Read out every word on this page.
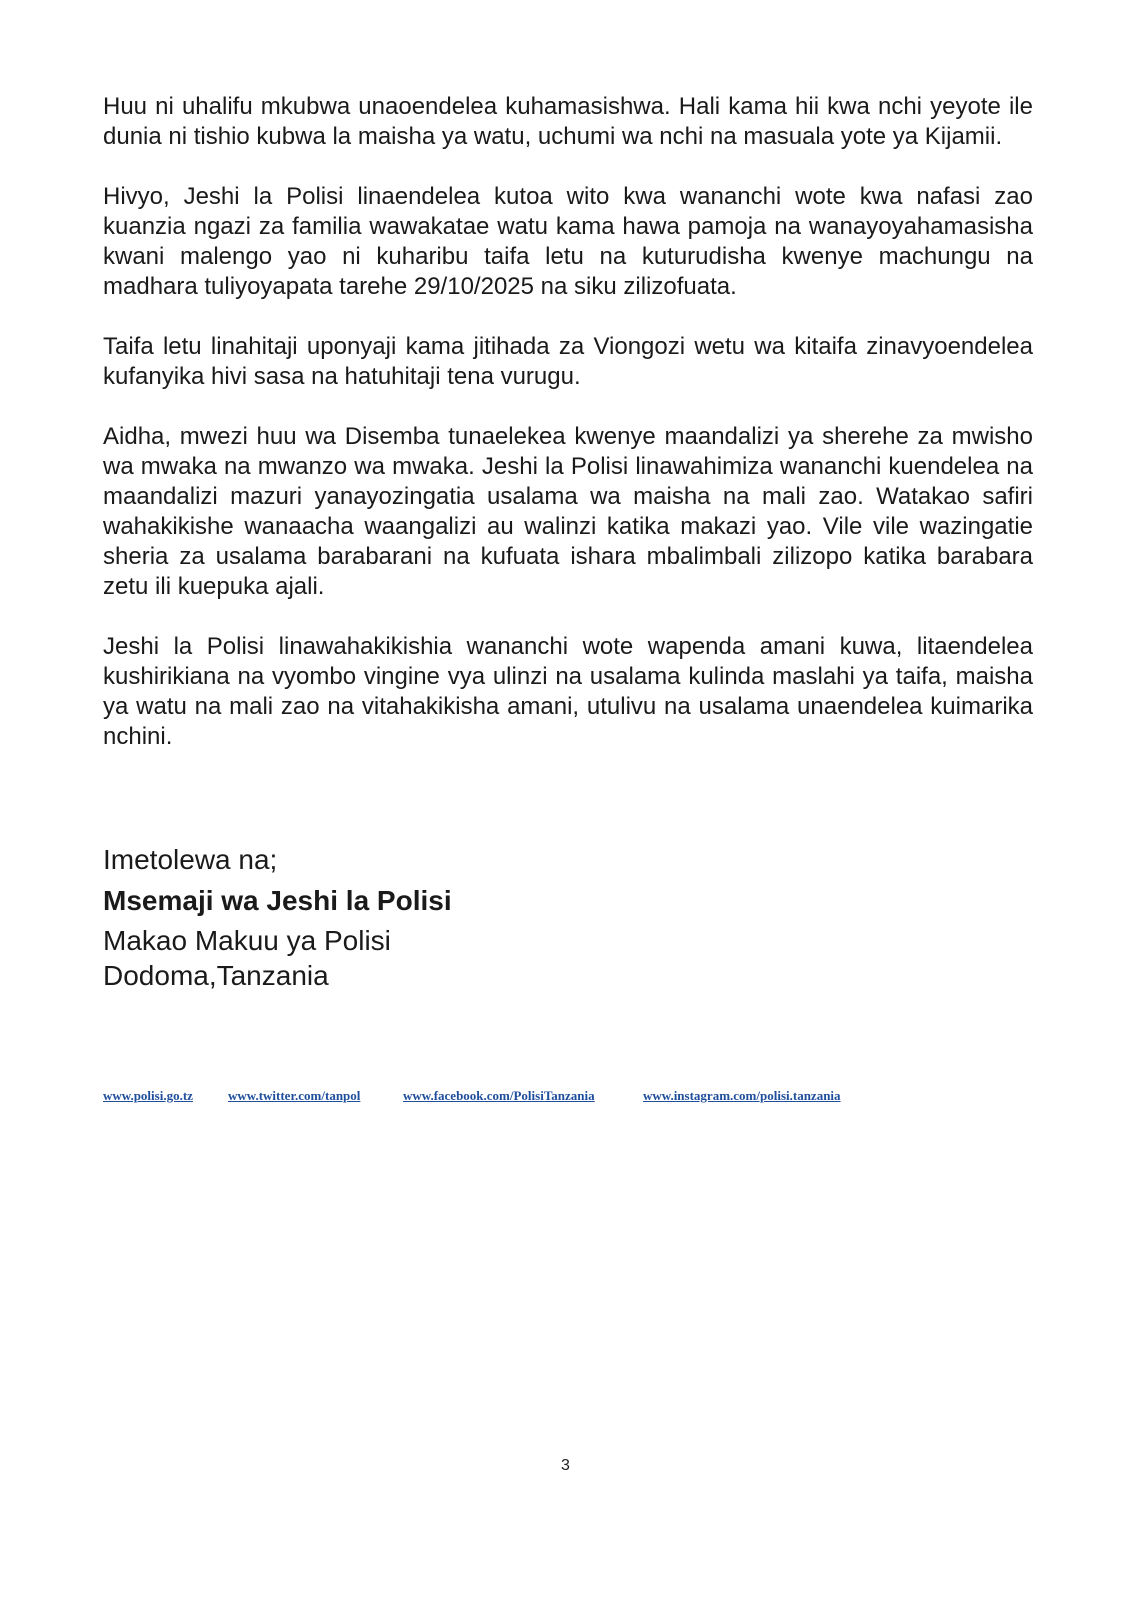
Huu ni uhalifu mkubwa unaoendelea kuhamasishwa. Hali kama hii kwa nchi yeyote ile dunia ni tishio kubwa la maisha ya watu, uchumi wa nchi na masuala yote ya Kijamii.

Hivyo, Jeshi la Polisi linaendelea kutoa wito kwa wananchi wote kwa nafasi zao kuanzia ngazi za familia wawakatae watu kama hawa pamoja na wanayoyahamasisha kwani malengo yao ni kuharibu taifa letu na kuturudisha kwenye machungu na madhara tuliyoyapata tarehe 29/10/2025 na siku zilizofuata.

Taifa letu linahitaji uponyaji kama jitihada za Viongozi wetu wa kitaifa zinavyoendelea kufanyika hivi sasa na hatuhitaji tena vurugu.

Aidha, mwezi huu wa Disemba tunaelekea kwenye maandalizi ya sherehe za mwisho wa mwaka na mwanzo wa mwaka. Jeshi la Polisi linawahimiza wananchi kuendelea na maandalizi mazuri yanayozingatia usalama wa maisha na mali zao. Watakao safiri wahakikishe wanaacha waangalizi au walinzi katika makazi yao. Vile vile wazingatie sheria za usalama barabarani na kufuata ishara mbalimbali zilizopo katika barabara zetu ili kuepuka ajali.

Jeshi la Polisi linawahakikishia wananchi wote wapenda amani kuwa, litaendelea kushirikiana na vyombo vingine vya ulinzi na usalama kulinda maslahi ya taifa, maisha ya watu na mali zao na vitahakikisha amani, utulivu na usalama unaendelea kuimarika nchini.

Imetolewa na;
Msemaji wa Jeshi la Polisi
Makao Makuu ya Polisi
Dodoma,Tanzania
www.polisi.go.tz	www.twitter.com/tanpol	www.facebook.com/PolisiTanzania	www.instagram.com/polisi.tanzania
3
